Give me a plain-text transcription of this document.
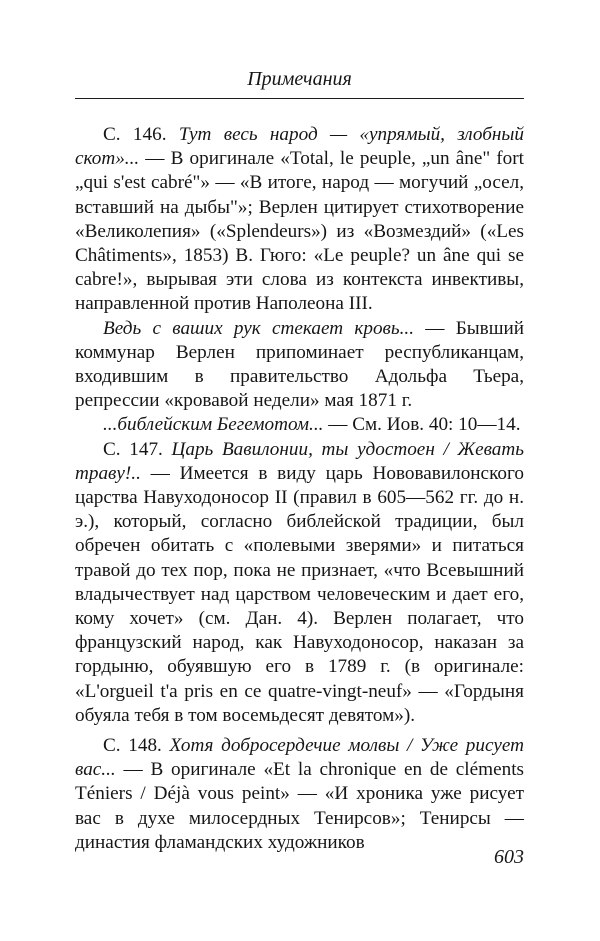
Примечания

С. 146. Тут весь народ — «упрямый, злобный скот»... — В оригинале «Total, le peuple, „un âne" fort „qui s'est cabré"» — «В итоге, народ — могучий „осел, вставший на дыбы"»; Верлен цитирует стихотворение «Великолепия» («Splendeurs») из «Возмездий» («Les Châtiments», 1853) В. Гюго: «Le peuple? un âne qui se cabre!», вырывая эти слова из контекста инвективы, направленной против Наполеона III.

Ведь с ваших рук стекает кровь... — Бывший коммунар Верлен припоминает республиканцам, входившим в правительство Адольфа Тьера, репрессии «кровавой недели» мая 1871 г.

...библейским Бегемотом... — См. Иов. 40: 10—14.

С. 147. Царь Вавилонии, ты удостоен / Жевать траву!.. — Имеется в виду царь Нововавилонского царства Навуходоносор II (правил в 605—562 гг. до н. э.), который, согласно библейской традиции, был обречен обитать с «полевыми зверями» и питаться травой до тех пор, пока не признает, «что Всевышний владычествует над царством человеческим и дает его, кому хочет» (см. Дан. 4). Верлен полагает, что французский народ, как Навуходоносор, наказан за гордыню, обуявшую его в 1789 г. (в оригинале: «L'orgueil t'a pris en ce quatre-vingt-neuf» — «Гордыня обуяла тебя в том восемьдесят девятом»).

С. 148. Хотя добросердечие молвы / Уже рисует вас... — В оригинале «Et la chronique en de cléments Téniers / Déjà vous peint» — «И хроника уже рисует вас в духе милосердных Тенирсов»; Тенирсы — династия фламандских художников

603
